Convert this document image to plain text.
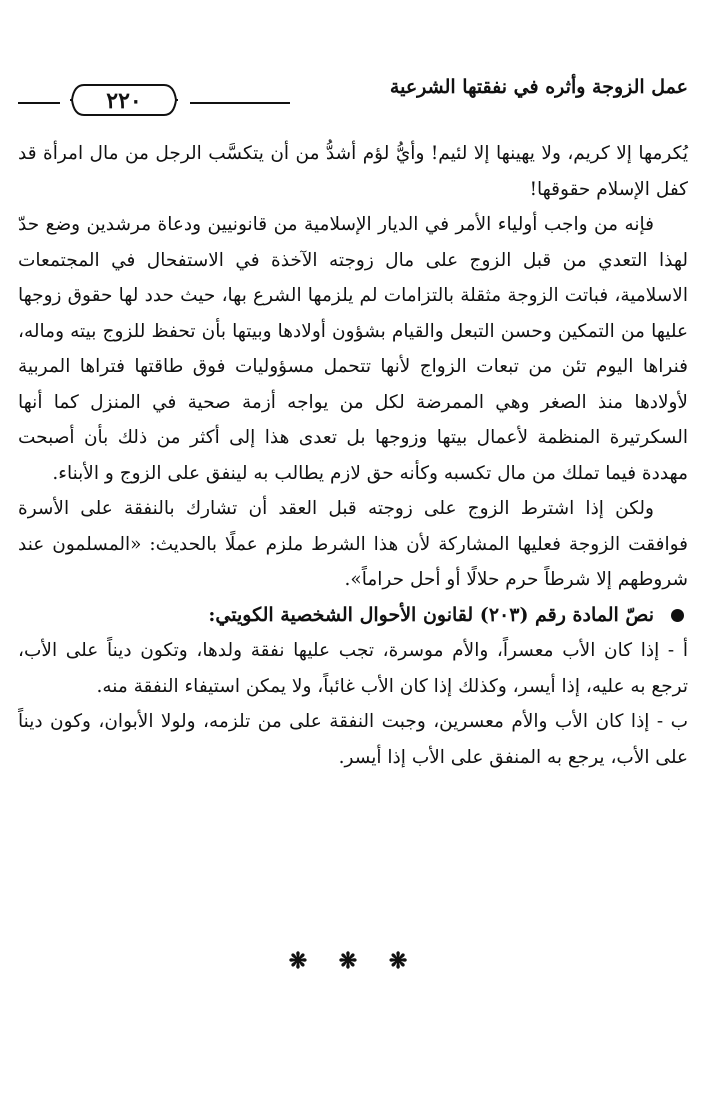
٢٢٠
عمل الزوجة وأثره في نفقتها الشرعية

يُكرمها إلا كريم، ولا يهينها إلا لئيم! وأيُّ لؤم أشدُّ من أن يتكسَّب الرجل من مال امرأة قد كفل الإسلام حقوقها!

فإنه من واجب أولياء الأمر في الديار الإسلامية من قانونيين ودعاة مرشدين وضع حدّ لهذا التعدي من قبل الزوج على مال زوجته الآخذة في الاستفحال في المجتمعات الاسلامية، فباتت الزوجة مثقلة بالتزامات لم يلزمها الشرع بها، حيث حدد لها حقوق زوجها عليها من التمكين وحسن التبعل والقيام بشؤون أولادها وبيتها بأن تحفظ للزوج بيته وماله، فنراها اليوم تئن من تبعات الزواج لأنها تتحمل مسؤوليات فوق طاقتها فتراها المربية لأولادها منذ الصغر وهي الممرضة لكل من يواجه أزمة صحية في المنزل كما أنها السكرتيرة المنظمة لأعمال بيتها وزوجها بل تعدى هذا إلى أكثر من ذلك بأن أصبحت مهددة فيما تملك من مال تكسبه وكأنه حق لازم يطالب به لينفق على الزوج و الأبناء.

ولكن إذا اشترط الزوج على زوجته قبل العقد أن تشارك بالنفقة على الأسرة فوافقت الزوجة فعليها المشاركة لأن هذا الشرط ملزم عملًا بالحديث: «المسلمون عند شروطهم إلا شرطاً حرم حلالًا أو أحل حراماً».

نصّ المادة رقم (٢٠٣) لقانون الأحوال الشخصية الكويتي:

أ - إذا كان الأب معسراً، والأم موسرة، تجب عليها نفقة ولدها، وتكون ديناً على الأب، ترجع به عليه، إذا أيسر، وكذلك إذا كان الأب غائباً، ولا يمكن استيفاء النفقة منه.

ب - إذا كان الأب والأم معسرين، وجبت النفقة على من تلزمه، ولولا الأبوان، وكون ديناً على الأب، يرجع به المنفق على الأب إذا أيسر.

❋ ❋ ❋
